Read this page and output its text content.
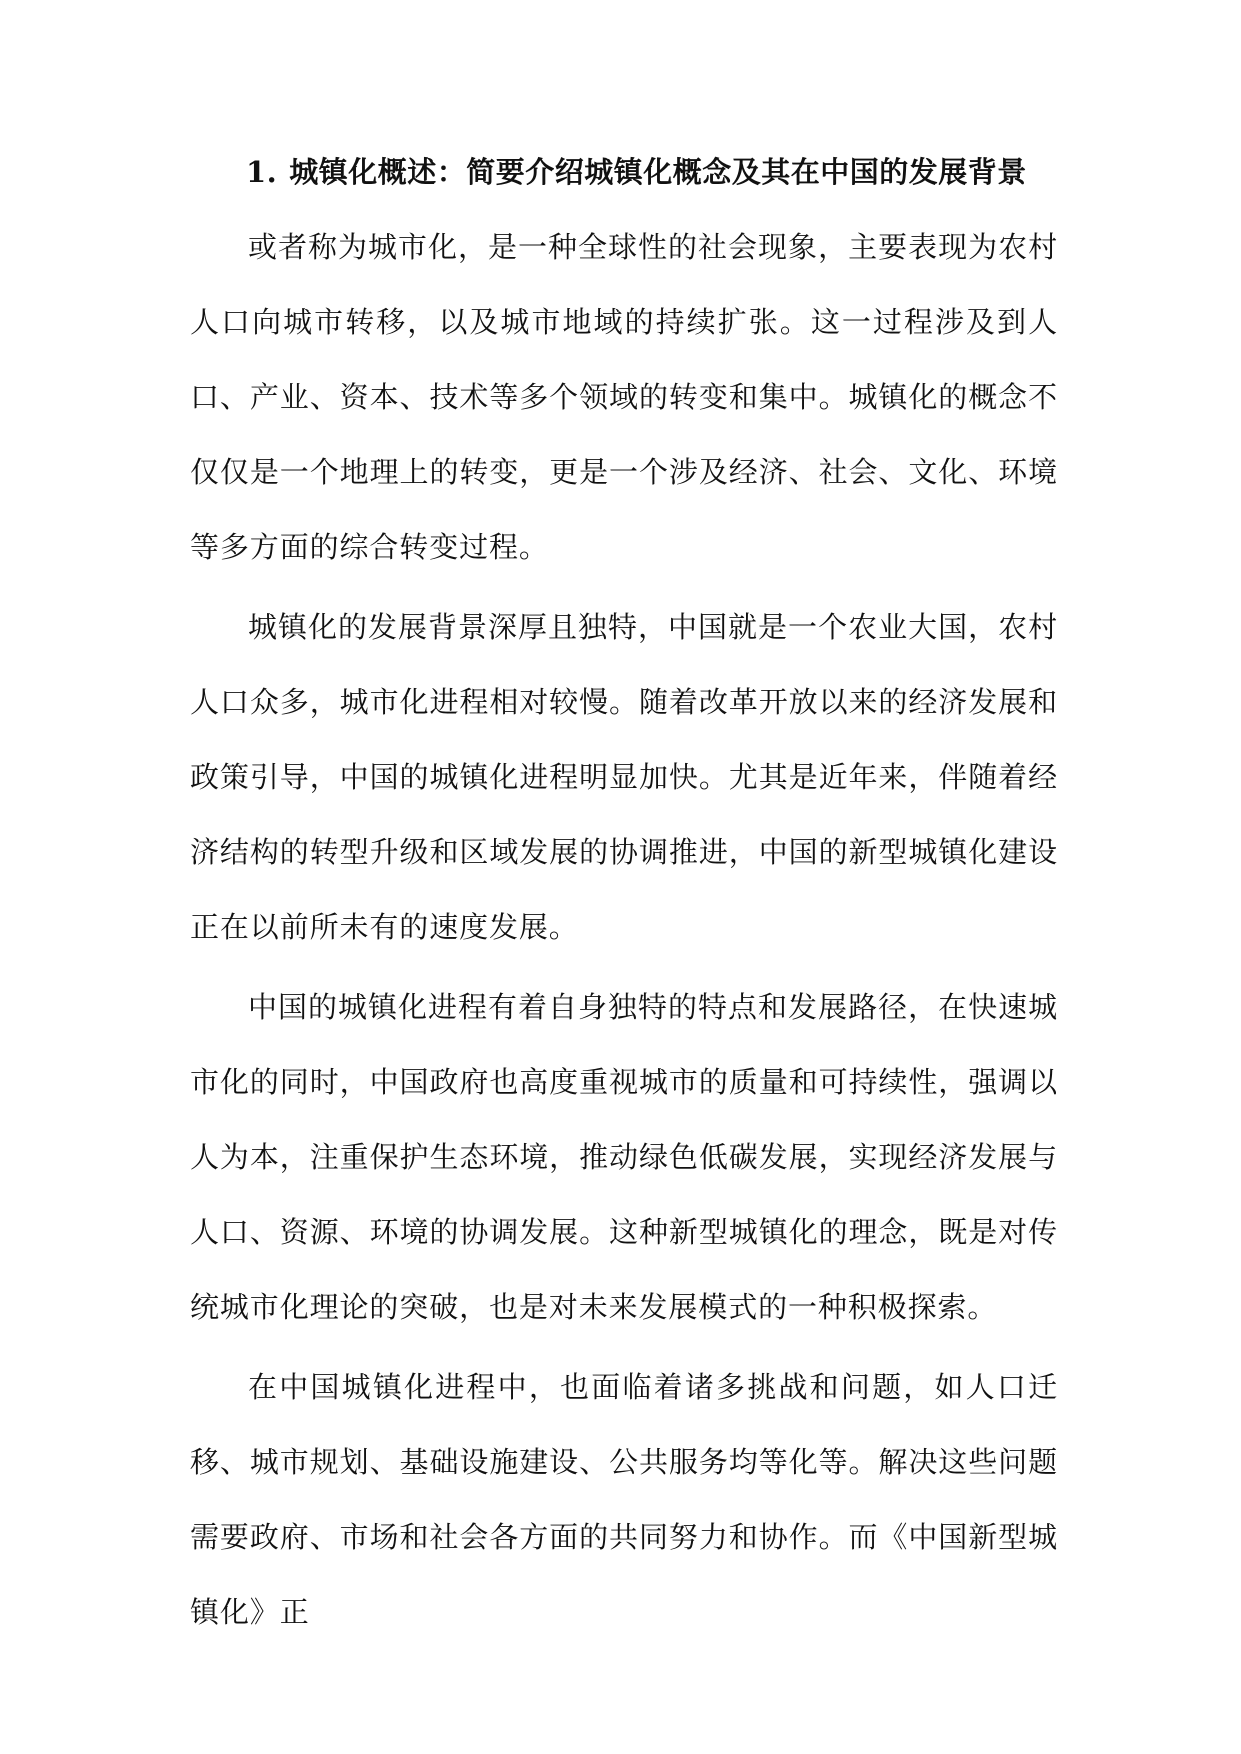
1. 城镇化概述：简要介绍城镇化概念及其在中国的发展背景

或者称为城市化，是一种全球性的社会现象，主要表现为农村人口向城市转移，以及城市地域的持续扩张。这一过程涉及到人口、产业、资本、技术等多个领域的转变和集中。城镇化的概念不仅仅是一个地理上的转变，更是一个涉及经济、社会、文化、环境等多方面的综合转变过程。

城镇化的发展背景深厚且独特，中国就是一个农业大国，农村人口众多，城市化进程相对较慢。随着改革开放以来的经济发展和政策引导，中国的城镇化进程明显加快。尤其是近年来，伴随着经济结构的转型升级和区域发展的协调推进，中国的新型城镇化建设正在以前所未有的速度发展。

中国的城镇化进程有着自身独特的特点和发展路径，在快速城市化的同时，中国政府也高度重视城市的质量和可持续性，强调以人为本，注重保护生态环境，推动绿色低碳发展，实现经济发展与人口、资源、环境的协调发展。这种新型城镇化的理念，既是对传统城市化理论的突破，也是对未来发展模式的一种积极探索。

在中国城镇化进程中，也面临着诸多挑战和问题，如人口迁移、城市规划、基础设施建设、公共服务均等化等。解决这些问题需要政府、市场和社会各方面的共同努力和协作。而《中国新型城镇化》正
